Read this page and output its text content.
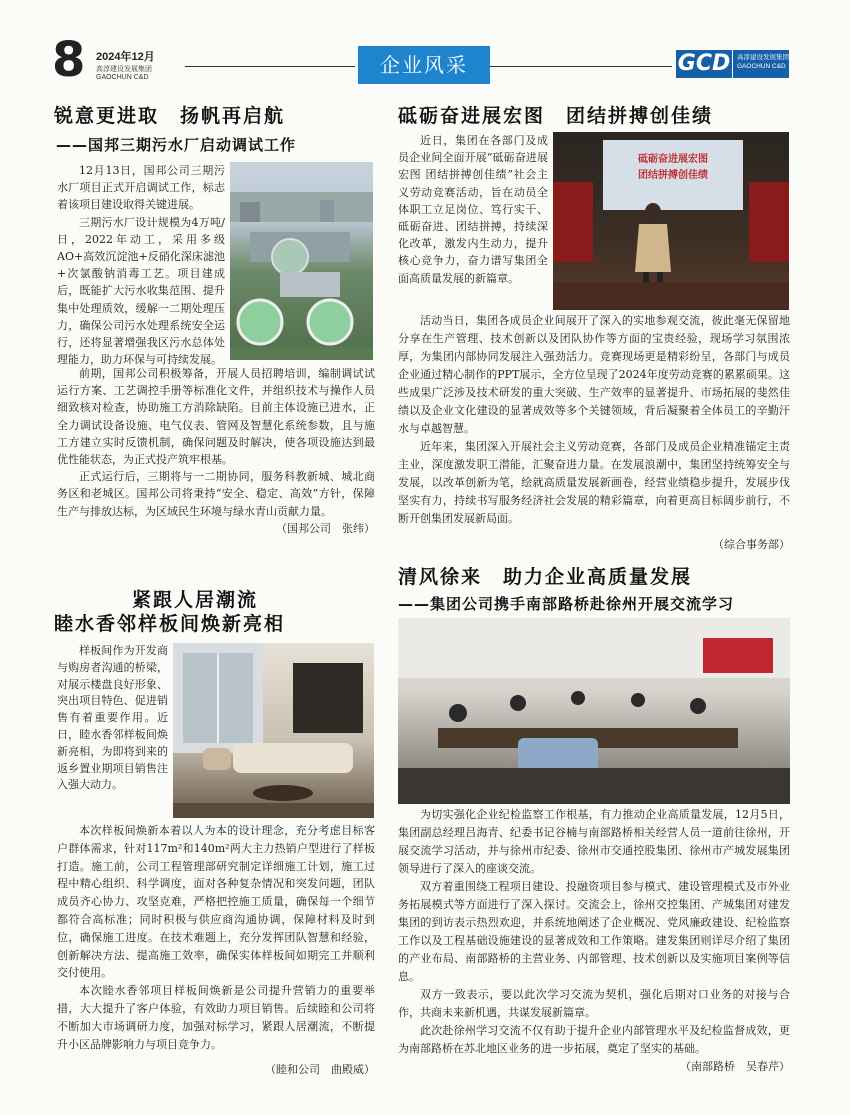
8 2024年12月
高淳建设发展集团
GAOCHUN C&D
企业风采	GCD 高淳建设发展集团
GAOCHUN C&D
锐意更进取　扬帆再启航
——国邦三期污水厂启动调试工作

12月13日，国邦公司三期污水厂项目正式开启调试工作，标志着该项目建设取得关键进展。

三期污水厂设计规模为4万吨/日，2022年动工，采用多级AO+高效沉淀池+反硝化深床滤池+次氯酸钠消毒工艺。项目建成后，既能扩大污水收集范围、提升集中处理质效，缓解一二期处理压力，确保公司污水处理系统安全运行，还将显著增强我区污水总体处理能力，助力环保与可持续发展。

前期，国邦公司积极筹备，开展人员招聘培训，编制调试试运行方案、工艺调控手册等标准化文件，并组织技术与操作人员细致核对检查，协助施工方消除缺陷。目前主体设施已进水，正全力调试设备设施、电气仪表、管网及智慧化系统参数，且与施工方建立实时反馈机制，确保问题及时解决，使各项设施达到最优性能状态，为正式投产筑牢根基。

正式运行后，三期将与一二期协同，服务科教新城、城北商务区和老城区。国邦公司将秉持“安全、稳定、高效”方针，保障生产与排放达标，为区域民生环境与绿水青山贡献力量。

（国邦公司　张纬）
紧跟人居潮流
睦水香邻样板间焕新亮相

样板间作为开发商与购房者沟通的桥梁，对展示楼盘良好形象、突出项目特色、促进销售有着重要作用。近日，睦水香邻样板间焕新亮相，为即将到来的返乡置业期项目销售注入强大动力。

本次样板间焕新本着以人为本的设计理念，充分考虑目标客户群体需求，针对117m²和140m²两大主力热销户型进行了样板打造。施工前，公司工程管理部研究制定详细施工计划，施工过程中精心组织、科学调度，面对各种复杂情况和突发问题，团队成员齐心协力、攻坚克难，严格把控施工质量，确保每一个细节都符合高标准；同时积极与供应商沟通协调，保障材料及时到位，确保施工进度。在技术难题上，充分发挥团队智慧和经验，创新解决方法、提高施工效率，确保实体样板间如期完工并顺利交付使用。

本次睦水香邻项目样板间焕新是公司提升营销力的重要举措，大大提升了客户体验，有效助力项目销售。后续睦和公司将不断加大市场调研力度，加强对标学习，紧跟人居潮流，不断提升小区品牌影响力与项目竞争力。

（睦和公司　曲殿威）
砥砺奋进展宏图　团结拼搏创佳绩
砥砺奋进展宏图
团结拼搏创佳绩

近日，集团在各部门及成员企业间全面开展“砥砺奋进展宏图 团结拼搏创佳绩”社会主义劳动竞赛活动，旨在动员全体职工立足岗位、笃行实干、砥砺奋进、团结拼搏，持续深化改革，激发内生动力，提升核心竞争力，奋力谱写集团全面高质量发展的新篇章。

活动当日，集团各成员企业间展开了深入的实地参观交流，彼此毫无保留地分享在生产管理、技术创新以及团队协作等方面的宝贵经验，现场学习氛围浓厚，为集团内部协同发展注入强劲活力。竞赛现场更是精彩纷呈，各部门与成员企业通过精心制作的PPT展示，全方位呈现了2024年度劳动竞赛的累累硕果。这些成果广泛涉及技术研发的重大突破、生产效率的显著提升、市场拓展的斐然佳绩以及企业文化建设的显著成效等多个关键领域，背后凝聚着全体员工的辛勤汗水与卓越智慧。

近年来，集团深入开展社会主义劳动竞赛，各部门及成员企业精准锚定主责主业，深度激发职工潜能，汇聚奋进力量。在发展浪潮中，集团坚持统筹安全与发展，以改革创新为笔，绘就高质量发展新画卷，经营业绩稳步提升，发展步伐坚实有力，持续书写服务经济社会发展的精彩篇章，向着更高目标阔步前行，不断开创集团发展新局面。

（综合事务部）
清风徐来　助力企业高质量发展
——集团公司携手南部路桥赴徐州开展交流学习

为切实强化企业纪检监察工作根基，有力推动企业高质量发展，12月5日，集团副总经理吕海青、纪委书记谷楠与南部路桥相关经营人员一道前往徐州，开展交流学习活动，并与徐州市纪委、徐州市交通控股集团、徐州市产城发展集团领导进行了深入的座谈交流。

双方着重围绕工程项目建设、投融资项目参与模式、建设管理模式及市外业务拓展模式等方面进行了深入探讨。交流会上，徐州交控集团、产城集团对建发集团的到访表示热烈欢迎，并系统地阐述了企业概况、党风廉政建设、纪检监察工作以及工程基础设施建设的显著成效和工作策略。建发集团则详尽介绍了集团的产业布局、南部路桥的主营业务、内部管理、技术创新以及实施项目案例等信息。

双方一致表示，要以此次学习交流为契机，强化后期对口业务的对接与合作，共商未来新机遇，共谋发展新篇章。

此次赴徐州学习交流不仅有助于提升企业内部管理水平及纪检监督成效，更为南部路桥在苏北地区业务的进一步拓展，奠定了坚实的基础。

（南部路桥　吴春芹）
